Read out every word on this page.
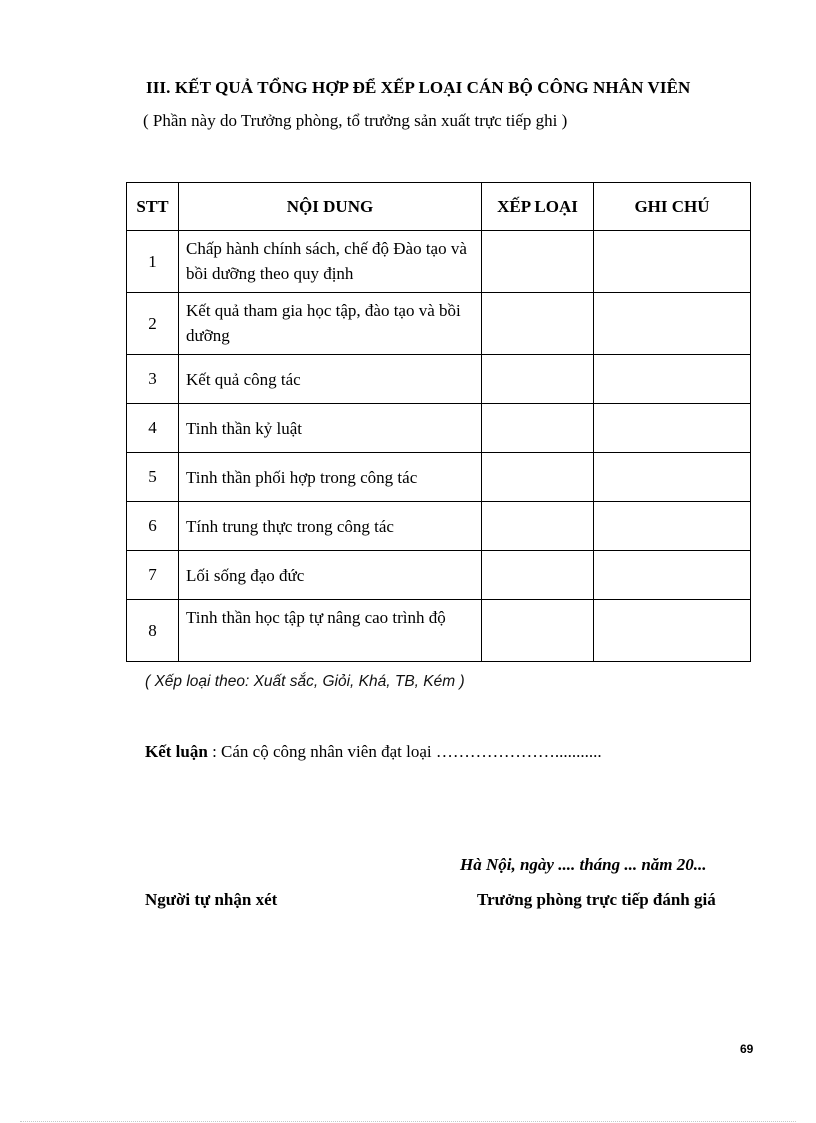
III. KẾT QUẢ TỔNG HỢP ĐỂ XẾP LOẠI CÁN BỘ CÔNG NHÂN VIÊN
( Phần này do Trưởng phòng, tổ trưởng sản xuất trực tiếp ghi )
STT	NỘI DUNG	XẾP LOẠI	GHI CHÚ
1	Chấp hành chính sách, chế độ Đào tạo và bồi dưỡng theo quy định		
2	Kết quả tham gia học tập, đào tạo và bồi dưỡng		
3	Kết quả công tác		
4	Tinh thần kỷ luật		
5	Tinh thần phối hợp trong công tác		
6	Tính trung thực trong công tác		
7	Lối sống đạo đức		
8	Tinh thần học tập tự nâng cao trình độ		
( Xếp loại theo: Xuất sắc, Giỏi, Khá, TB, Kém )
Kết luận : Cán cộ công nhân viên đạt loại …………………...........
Hà Nội, ngày .... tháng ... năm 20...
Người tự nhận xét	Trưởng phòng trực tiếp đánh giá
69
